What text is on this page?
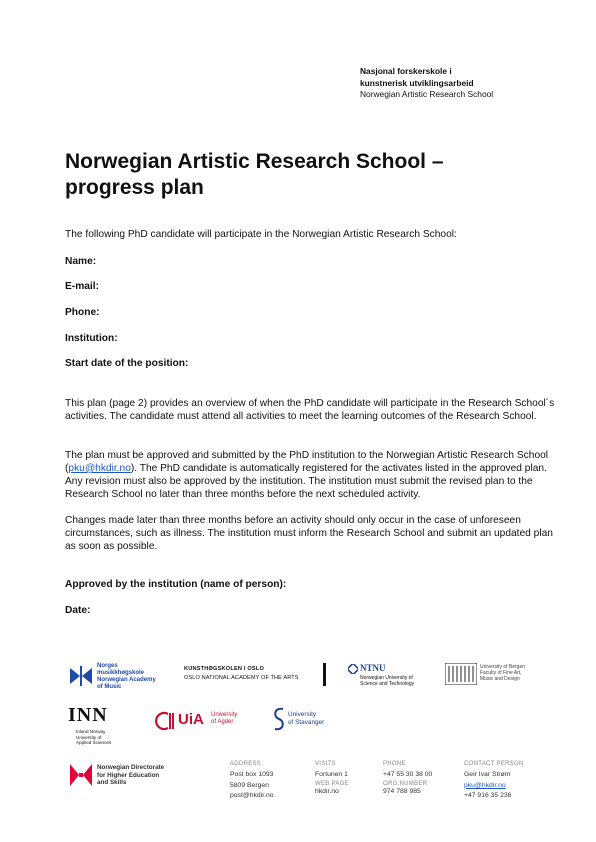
Nasjonal forskerskole i
kunstnerisk utviklingsarbeid
Norwegian Artistic Research School
Norwegian Artistic Research School –
progress plan
The following PhD candidate will participate in the Norwegian Artistic Research School:
Name:
E-mail:
Phone:
Institution:
Start date of the position:
This plan (page 2) provides an overview of when the PhD candidate will participate in the Research School´s activities. The candidate must attend all activities to meet the learning outcomes of the Research School.
The plan must be approved and submitted by the PhD institution to the Norwegian Artistic Research School (pku@hkdir.no). The PhD candidate is automatically registered for the activates listed in the approved plan. Any revision must also be approved by the institution. The institution must submit the revised plan to the Research School no later than three months before the next scheduled activity.
Changes made later than three months before an activity should only occur in the case of unforeseen circumstances, such as illness. The institution must inform the Research School and submit an updated plan as soon as possible.
Approved by the institution (name of person):
Date:
Norges
musikkhøgskole
Norwegian Academy
of Music
KUNSTHØGSKOLEN I OSLO
OSLO NATIONAL ACADEMY OF THE ARTS
NTNU
Norwegian University of
Science and Technology
University of Bergen
Faculty of Fine Art,
Music and Design
INN
Inland Norway
University of
Applied Sciences
UiA University
of Agder
University
of Stavanger
Norwegian Directorate
for Higher Education
and Skills
ADDRESS
Post box 1093
5809 Bergen
post@hkdir.no
VISITS
Fortunen 1
WEB PAGE
hkdir.no
PHONE
+47 55 30 38 00
ORG.NUMBER
974 788 985
CONTACT PERSON
Geir Ivar Strøm
pku@hkdir.no
+47 916 35 236
